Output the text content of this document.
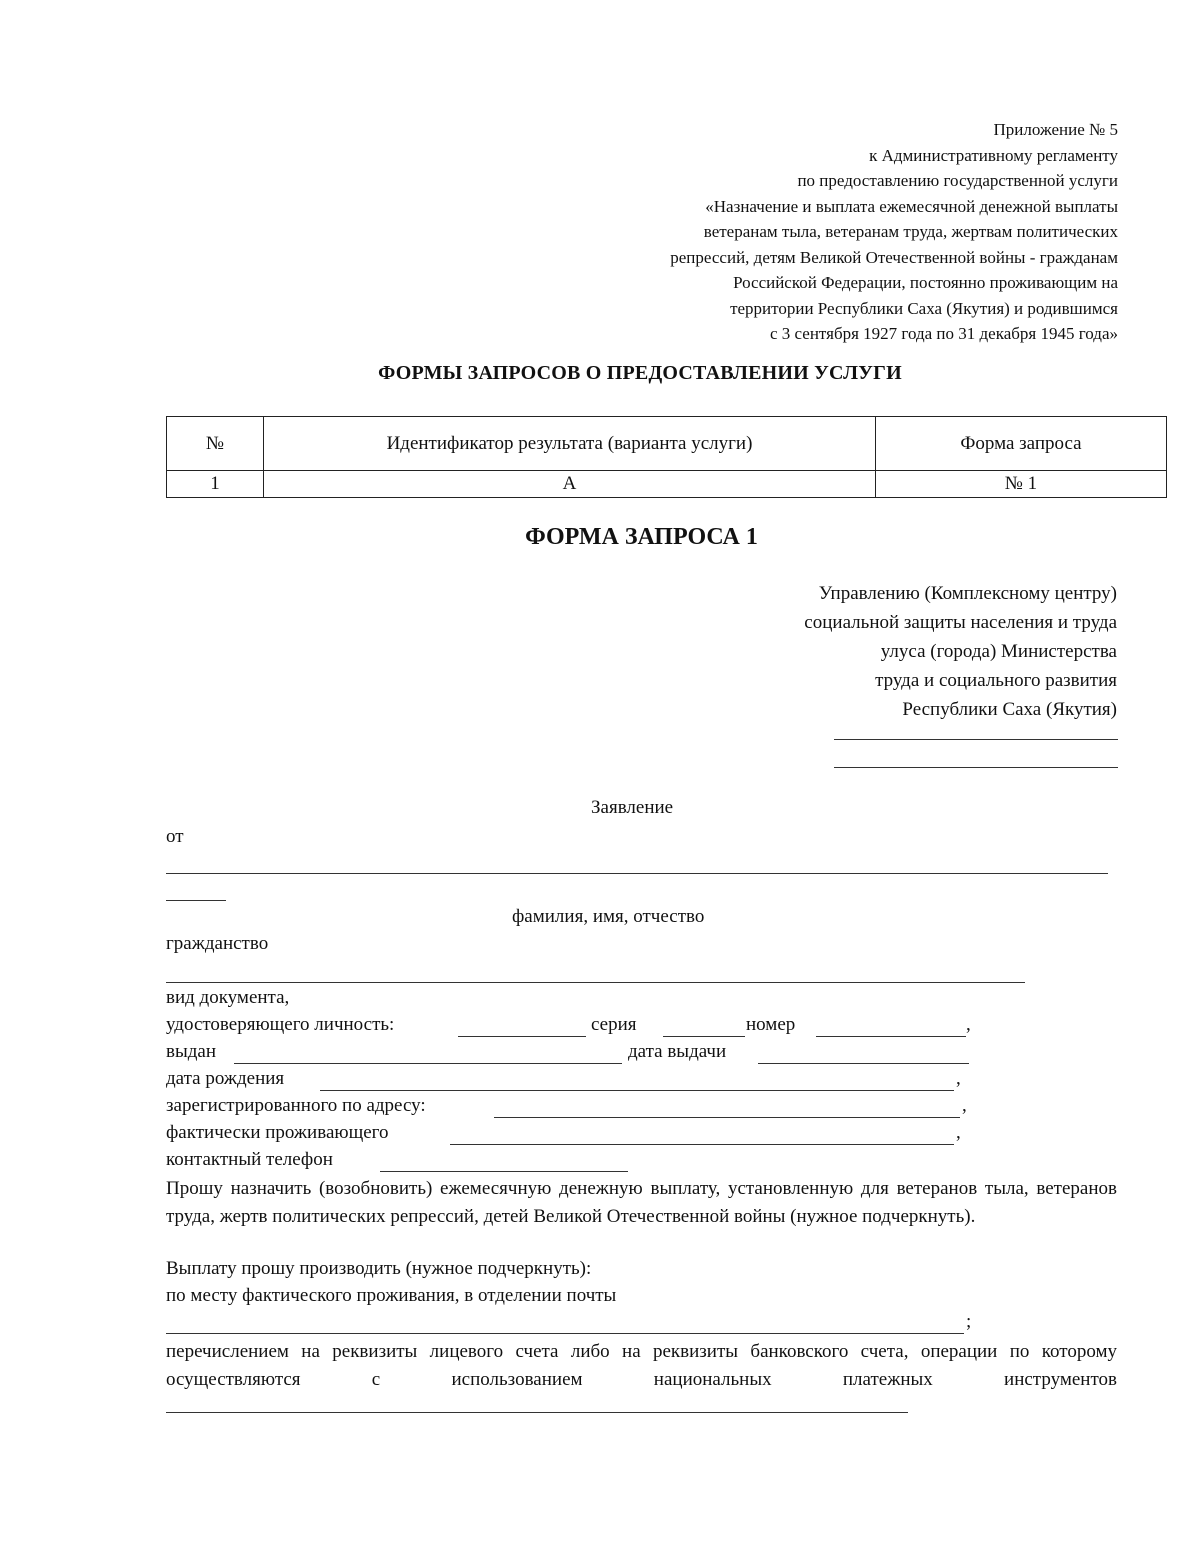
Приложение № 5
к Административному регламенту
по предоставлению государственной услуги
«Назначение и выплата ежемесячной денежной выплаты
ветеранам тыла, ветеранам труда, жертвам политических
репрессий, детям Великой Отечественной войны - гражданам
Российской Федерации, постоянно проживающим на
территории Республики Саха (Якутия) и родившимся
с 3 сентября 1927 года по 31 декабря 1945 года»
ФОРМЫ ЗАПРОСОВ О ПРЕДОСТАВЛЕНИИ УСЛУГИ
№	Идентификатор результата (варианта услуги)	Форма запроса
1	А	№ 1
ФОРМА ЗАПРОСА 1
Управлению (Комплексному центру)
социальной защиты населения и труда
улуса (города) Министерства
труда и социального развития
Республики Саха (Якутия)
Заявление
от
фамилия, имя, отчество
гражданство
вид документа,
удостоверяющего личность:	серия	номер	,
выдан	дата выдачи
дата рождения	,
зарегистрированного по адресу:	,
фактически проживающего	,
контактный телефон
Прошу назначить (возобновить) ежемесячную денежную выплату, установленную для ветеранов тыла, ветеранов труда, жертв политических репрессий, детей Великой Отечественной войны (нужное подчеркнуть).
Выплату прошу производить (нужное подчеркнуть):
по месту фактического проживания, в отделении почты
;
перечислением на реквизиты лицевого счета либо на реквизиты банковского счета, операции по которому осуществляются с использованием национальных платежных инструментов
